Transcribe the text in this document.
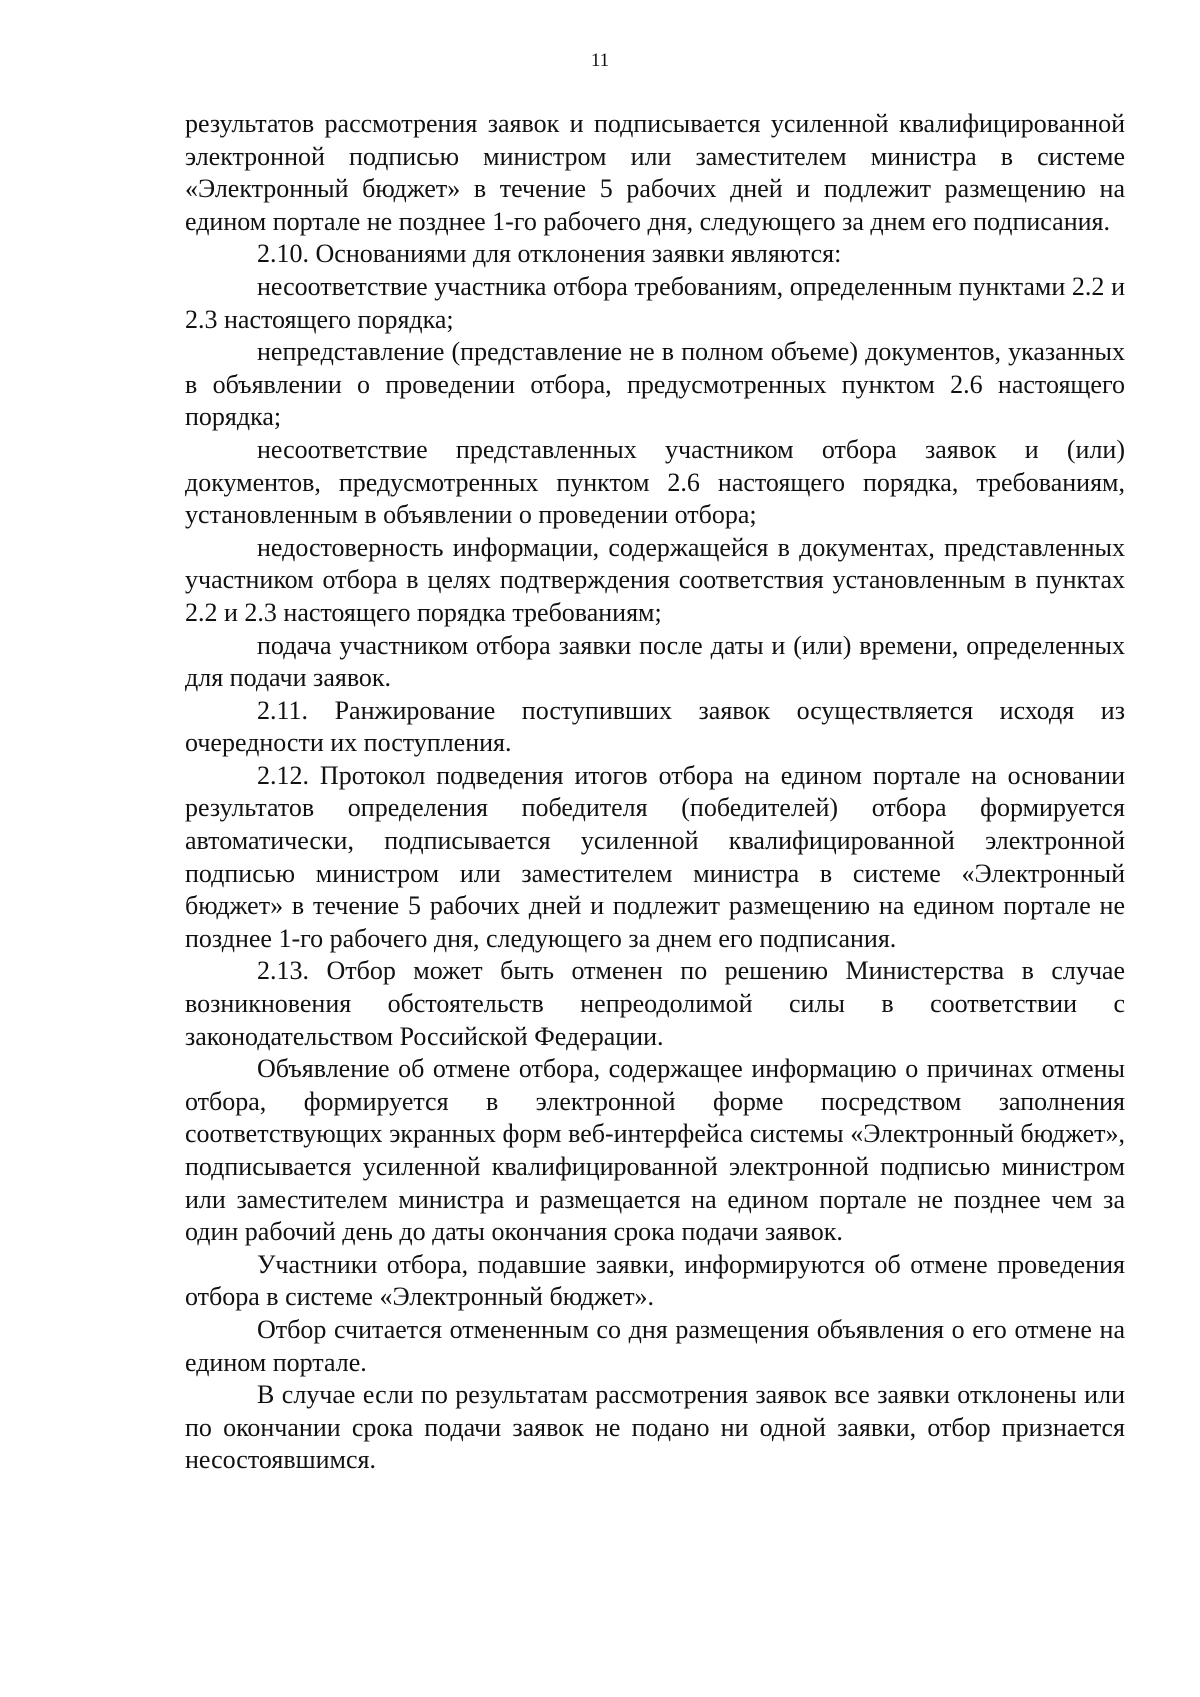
11

результатов рассмотрения заявок и подписывается усиленной квалифицированной электронной подписью министром или заместителем министра в системе «Электронный бюджет» в течение 5 рабочих дней и подлежит размещению на едином портале не позднее 1-го рабочего дня, следующего за днем его подписания.

2.10. Основаниями для отклонения заявки являются:

несоответствие участника отбора требованиям, определенным пунктами 2.2 и 2.3 настоящего порядка;

непредставление (представление не в полном объеме) документов, указанных в объявлении о проведении отбора, предусмотренных пунктом 2.6 настоящего порядка;

несоответствие представленных участником отбора заявок и (или) документов, предусмотренных пунктом 2.6 настоящего порядка, требованиям, установленным в объявлении о проведении отбора;

недостоверность информации, содержащейся в документах, представленных участником отбора в целях подтверждения соответствия установленным в пунктах 2.2 и 2.3 настоящего порядка требованиям;

подача участником отбора заявки после даты и (или) времени, определенных для подачи заявок.

2.11. Ранжирование поступивших заявок осуществляется исходя из очередности их поступления.

2.12. Протокол подведения итогов отбора на едином портале на основании результатов определения победителя (победителей) отбора формируется автоматически, подписывается усиленной квалифицированной электронной подписью министром или заместителем министра в системе «Электронный бюджет» в течение 5 рабочих дней и подлежит размещению на едином портале не позднее 1-го рабочего дня, следующего за днем его подписания.

2.13. Отбор может быть отменен по решению Министерства в случае возникновения обстоятельств непреодолимой силы в соответствии с законодательством Российской Федерации.

Объявление об отмене отбора, содержащее информацию о причинах отмены отбора, формируется в электронной форме посредством заполнения соответствующих экранных форм веб-интерфейса системы «Электронный бюджет», подписывается усиленной квалифицированной электронной подписью министром или заместителем министра и размещается на едином портале не позднее чем за один рабочий день до даты окончания срока подачи заявок.

Участники отбора, подавшие заявки, информируются об отмене проведения отбора в системе «Электронный бюджет».

Отбор считается отмененным со дня размещения объявления о его отмене на едином портале.

В случае если по результатам рассмотрения заявок все заявки отклонены или по окончании срока подачи заявок не подано ни одной заявки, отбор признается несостоявшимся.
